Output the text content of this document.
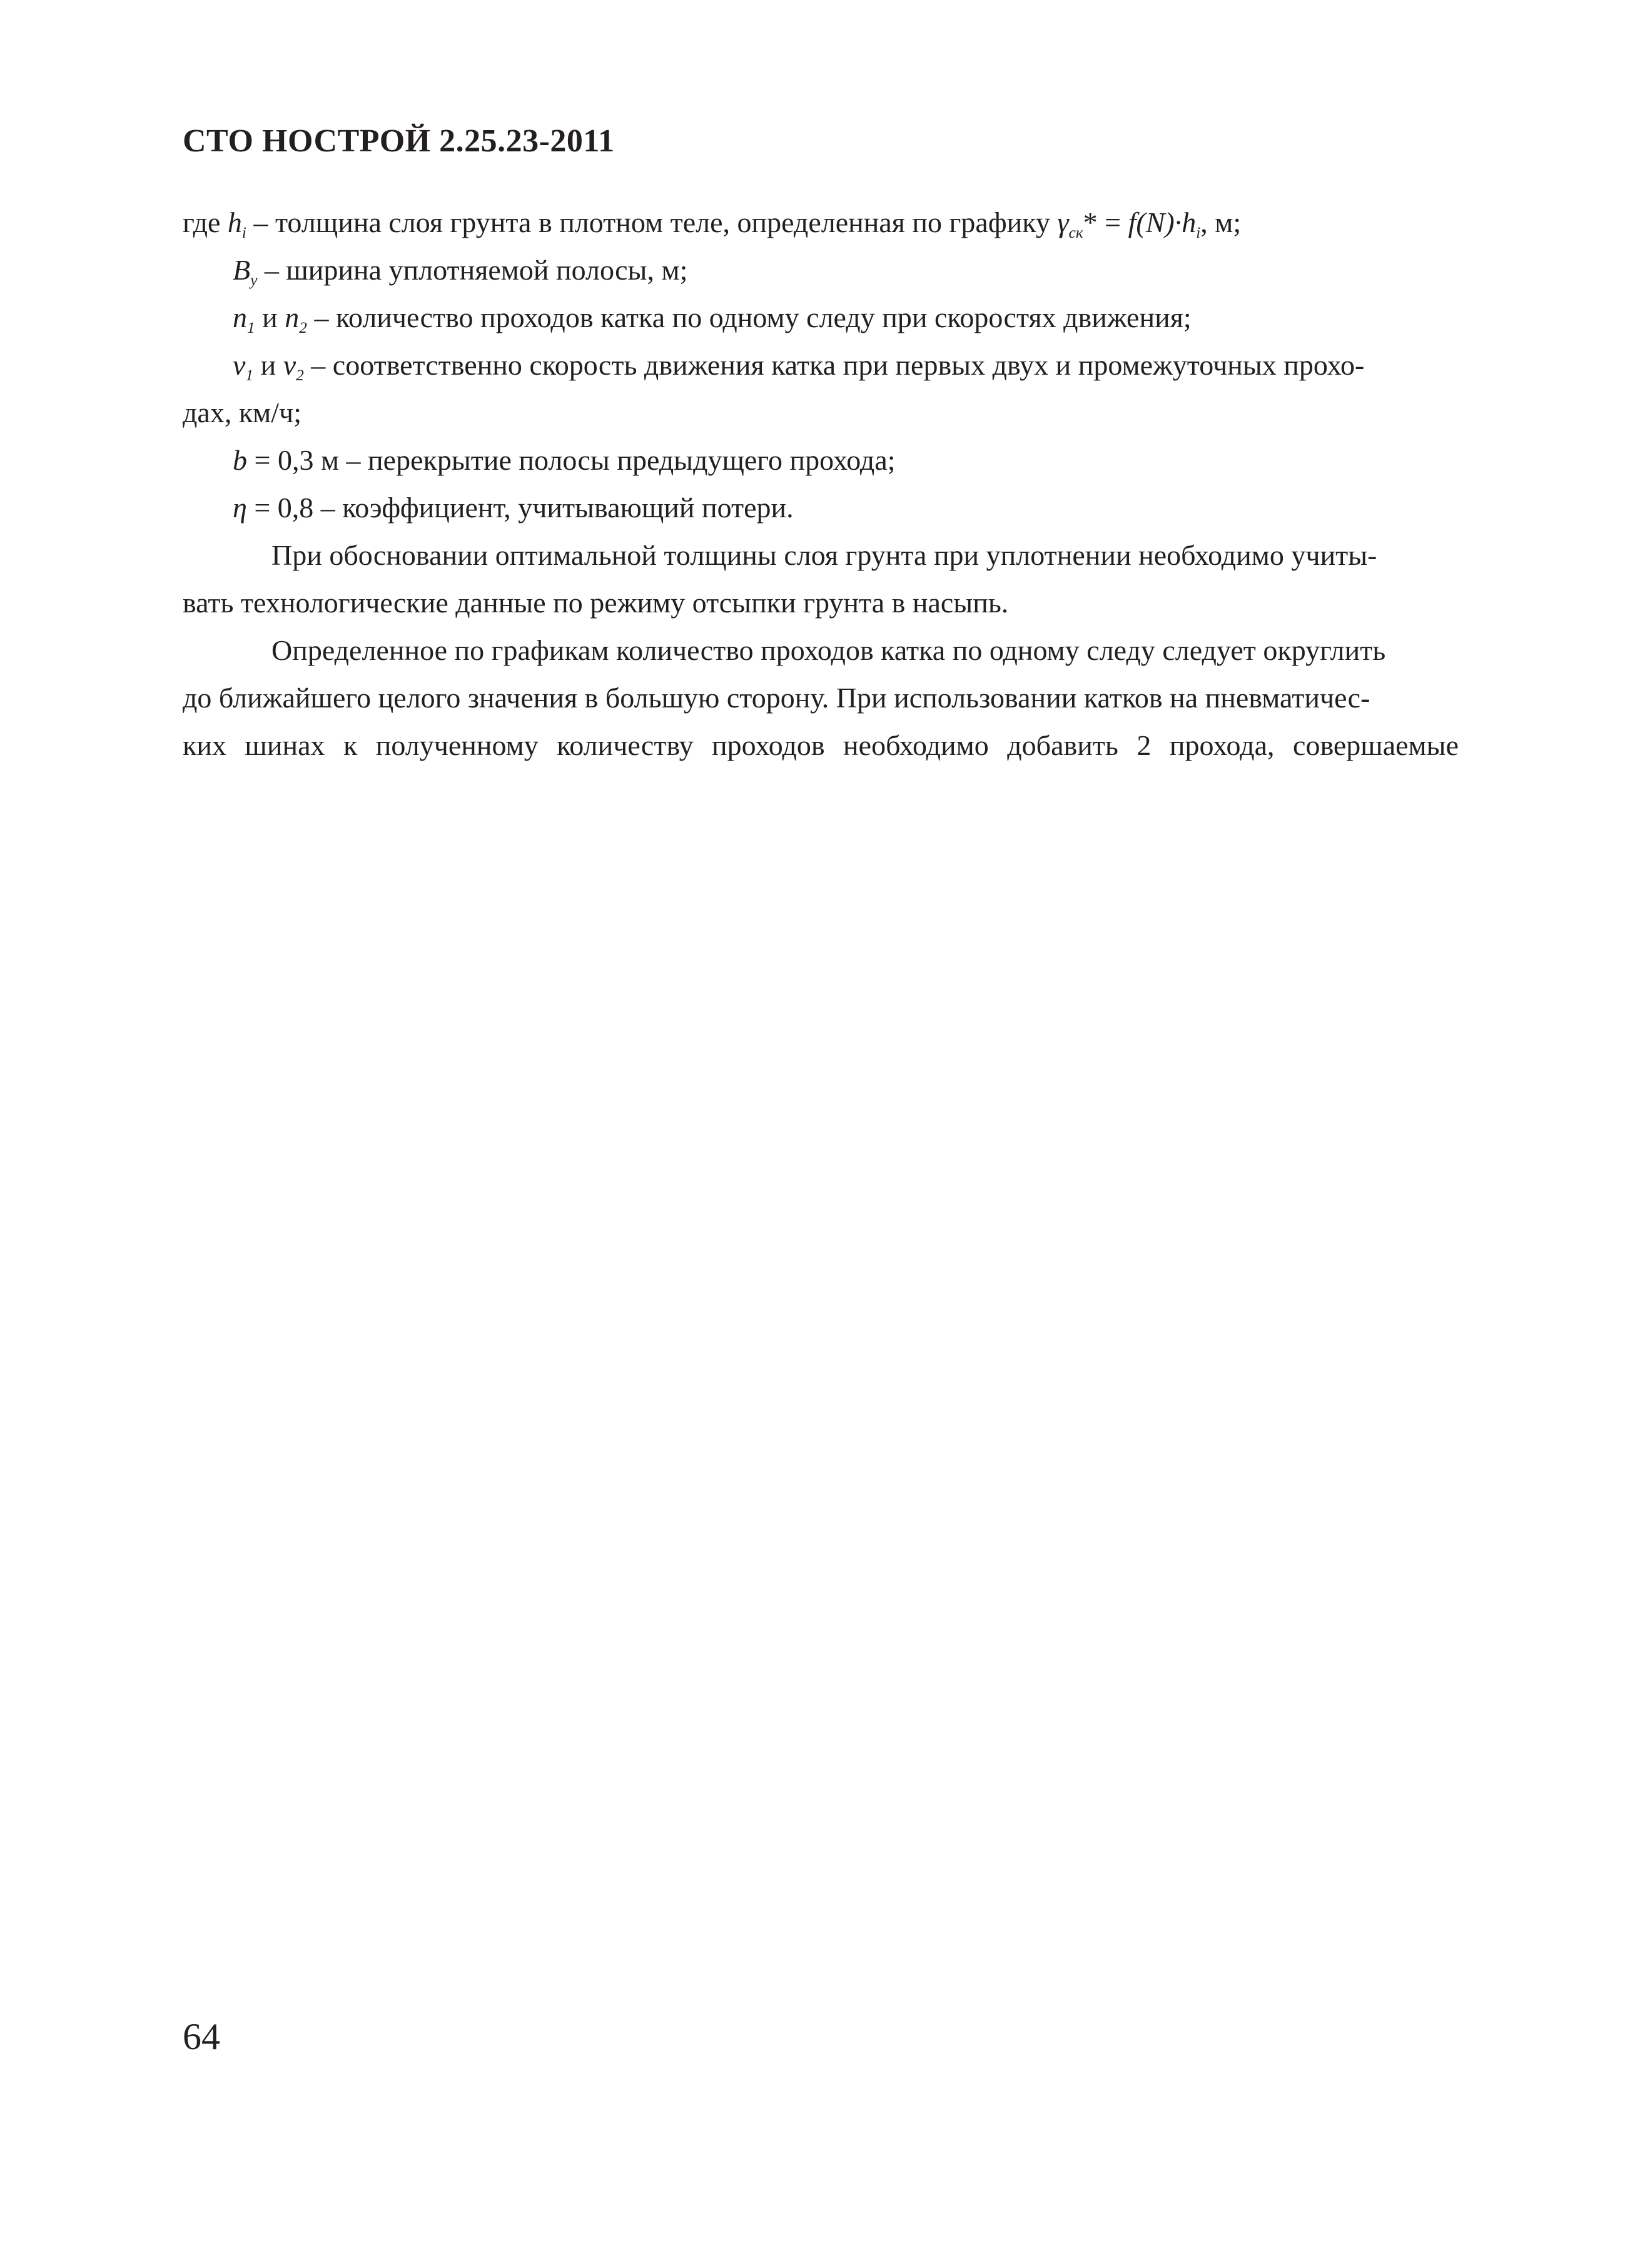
СТО НОСТРОЙ 2.25.23-2011
где $h_i$ – толщина слоя грунта в плотном теле, определенная по графику $\gamma_{ск}* = f(N)\cdot h_i$, м;
$B_у$ – ширина уплотняемой полосы, м;
$n_1$ и $n_2$ – количество проходов катка по одному следу при скоростях движения;
$v_1$ и $v_2$ – соответственно скорость движения катка при первых двух и промежуточных прохо-
дах, км/ч;
b = 0,3 м – перекрытие полосы предыдущего прохода;
η = 0,8 – коэффициент, учитывающий потери.
При обосновании оптимальной толщины слоя грунта при уплотнении необходимо учиты-
вать технологические данные по режиму отсыпки грунта в насыпь.
Определенное по графикам количество проходов катка по одному следу следует округлить
до ближайшего целого значения в большую сторону. При использовании катков на пневматичес-
ких шинах к полученному количеству проходов необходимо добавить 2 прохода, совершаемые
64
